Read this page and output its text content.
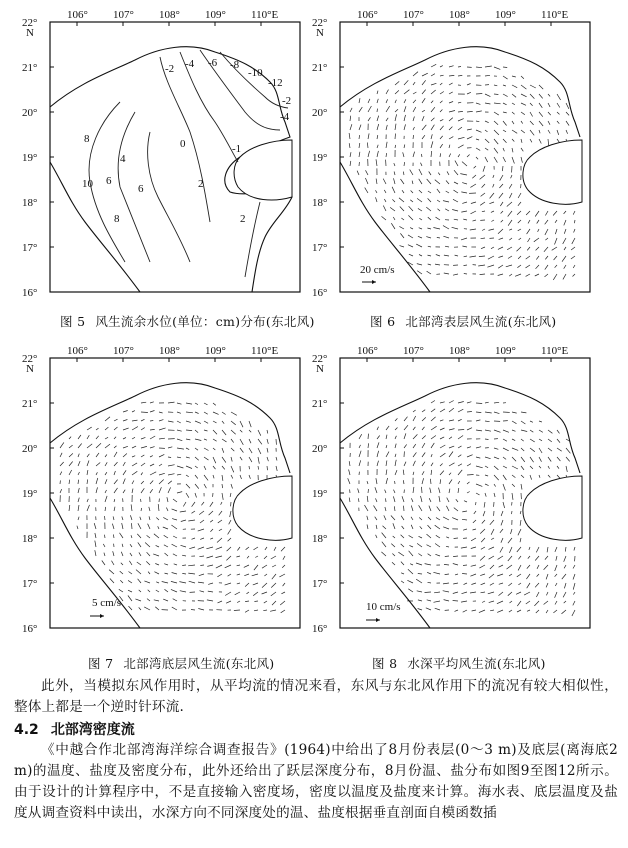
-2 -4 -6 -8
-10
-12
-4
-2
8
10
4
6	2
6
8	2
0	-1
106° 107° 108° 109° 110°E
22°
21°
20°
19°
18°
17°
16°
N
20 cm/s
106° 107° 108° 109° 110°E
22°
21°
20°
19°
18°
17°
16°
N
5 cm/s
106° 107° 108° 109° 110°E
22°
21°
20°
19°
18°
17°
16°
N
10 cm/s
106° 107° 108° 109° 110°E
22°
21°
20°
19°
18°
17°
16°
N
图 5 风生流余水位(单位：cm)分布(东北风)	图 6 北部湾表层风生流(东北风)
图 7 北部湾底层风生流(东北风)	图 8 水深平均风生流(东北风)

此外，当模拟东风作用时，从平均流的情况来看，东风与东北风作用下的流况有较大相似性，整体上都是一个逆时针环流.

4.2 北部湾密度流

《中越合作北部湾海洋综合调查报告》(1964)中给出了8月份表层(0～3 m)及底层(离海底2 m)的温度、盐度及密度分布，此外还给出了跃层深度分布，8月份温、盐分布如图9至图12所示。由于设计的计算程序中，不是直接输入密度场，密度以温度及盐度来计算。海水表、底层温度及盐度从调查资料中读出，水深方向不同深度处的温、盐度根据垂直剖面自模函数插
